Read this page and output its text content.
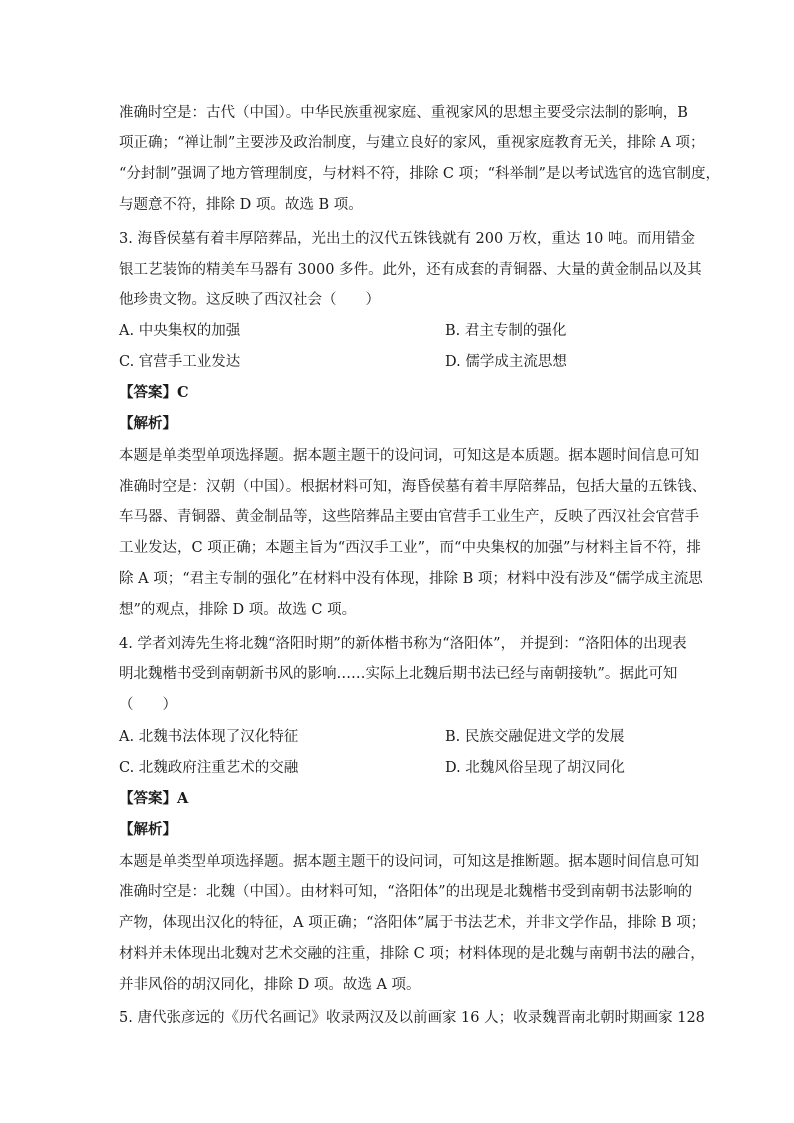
准确时空是：古代（中国）。中华民族重视家庭、重视家风的思想主要受宗法制的影响，B
项正确；“禅让制”主要涉及政治制度，与建立良好的家风，重视家庭教育无关，排除 A 项；
“分封制”强调了地方管理制度，与材料不符，排除 C 项；“科举制”是以考试选官的选官制度，
与题意不符，排除 D 项。故选 B 项。
3. 海昏侯墓有着丰厚陪葬品，光出土的汉代五铢钱就有 200 万枚，重达 10 吨。而用错金
银工艺装饰的精美车马器有 3000 多件。此外，还有成套的青铜器、大量的黄金制品以及其
他珍贵文物。这反映了西汉社会（　　）
A. 中央集权的加强	B. 君主专制的强化
C. 官营手工业发达	D. 儒学成主流思想
【答案】C
【解析】
本题是单类型单项选择题。据本题主题干的设问词，可知这是本质题。据本题时间信息可知
准确时空是：汉朝（中国）。根据材料可知，海昏侯墓有着丰厚陪葬品，包括大量的五铢钱、
车马器、青铜器、黄金制品等，这些陪葬品主要由官营手工业生产，反映了西汉社会官营手
工业发达，C 项正确；本题主旨为“西汉手工业”，而“中央集权的加强”与材料主旨不符，排
除 A 项；“君主专制的强化”在材料中没有体现，排除 B 项；材料中没有涉及“儒学成主流思
想”的观点，排除 D 项。故选 C 项。
4. 学者刘涛先生将北魏“洛阳时期”的新体楷书称为“洛阳体”， 并提到：“洛阳体的出现表
明北魏楷书受到南朝新书风的影响……实际上北魏后期书法已经与南朝接轨”。据此可知
（　　）
A. 北魏书法体现了汉化特征	B. 民族交融促进文学的发展
C. 北魏政府注重艺术的交融	D. 北魏风俗呈现了胡汉同化
【答案】A
【解析】
本题是单类型单项选择题。据本题主题干的设问词，可知这是推断题。据本题时间信息可知
准确时空是：北魏（中国）。由材料可知，“洛阳体”的出现是北魏楷书受到南朝书法影响的
产物，体现出汉化的特征，A 项正确；“洛阳体”属于书法艺术，并非文学作品，排除 B 项；
材料并未体现出北魏对艺术交融的注重，排除 C 项；材料体现的是北魏与南朝书法的融合，
并非风俗的胡汉同化，排除 D 项。故选 A 项。
5. 唐代张彦远的《历代名画记》收录两汉及以前画家 16 人；收录魏晋南北朝时期画家 128
